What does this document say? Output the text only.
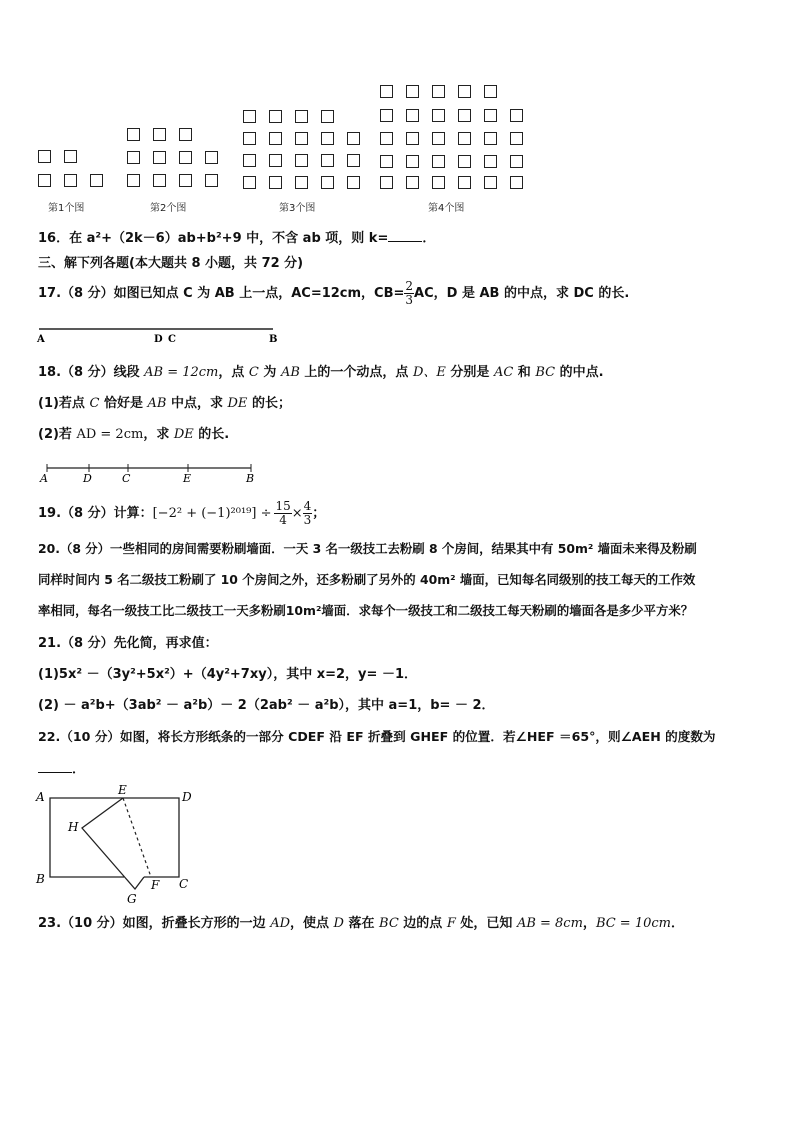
第1个图	第2个图	第3个图	第4个图
16．在 a²+（2k－6）ab+b²+9 中，不含 ab 项，则 k=	．
三、解下列各题(本大题共 8 小题，共 72 分)
17.（8 分）如图已知点 C 为 AB 上一点，AC=12cm，$CB= \frac{2}{3}$ AC，D 是 AB 的中点，求 DC 的长.
A	D C	B
18.（8 分）线段 AB = 12cm，点 C 为 AB 上的一个动点，点 D、E 分别是 AC 和 BC 的中点.
(1)若点 C 恰好是 AB 中点，求 DE 的长；
(2)若 AD = 2cm，求 DE 的长.
A	D	C	E	B
19.（8 分）计算：$[-2^2 + (-1)^{2019}] \div \frac{15}{4} \times \frac{4}{3}$ ；
20.（8 分）一些相同的房间需要粉刷墙面．一天 3 名一级技工去粉刷 8 个房间，结果其中有 50m² 墙面未来得及粉刷
同样时间内 5 名二级技工粉刷了 10 个房间之外，还多粉刷了另外的 40m² 墙面，已知每名同级别的技工每天的工作效
率相同，每名一级技工比二级技工一天多粉刷10m²墙面．求每个一级技工和二级技工每天粉刷的墙面各是多少平方米？
21.（8 分）先化简，再求值：
(1)5x² －（3y²+5x²）+（4y²+7xy），其中 x=2，y= －1．
(2) － a²b+（3ab² － a²b）－ 2（2ab² － a²b），其中 a=1，b= － 2．
22.（10 分）如图，将长方形纸条的一部分 CDEF 沿 EF 折叠到 GHEF 的位置．若∠HEF ＝65°，则∠AEH 的度数为
．
A	E	D
H
B
G
F C
23.（10 分）如图，折叠长方形的一边 AD，使点 D 落在 BC 边的点 F 处，已知 AB = 8cm，BC = 10cm．
